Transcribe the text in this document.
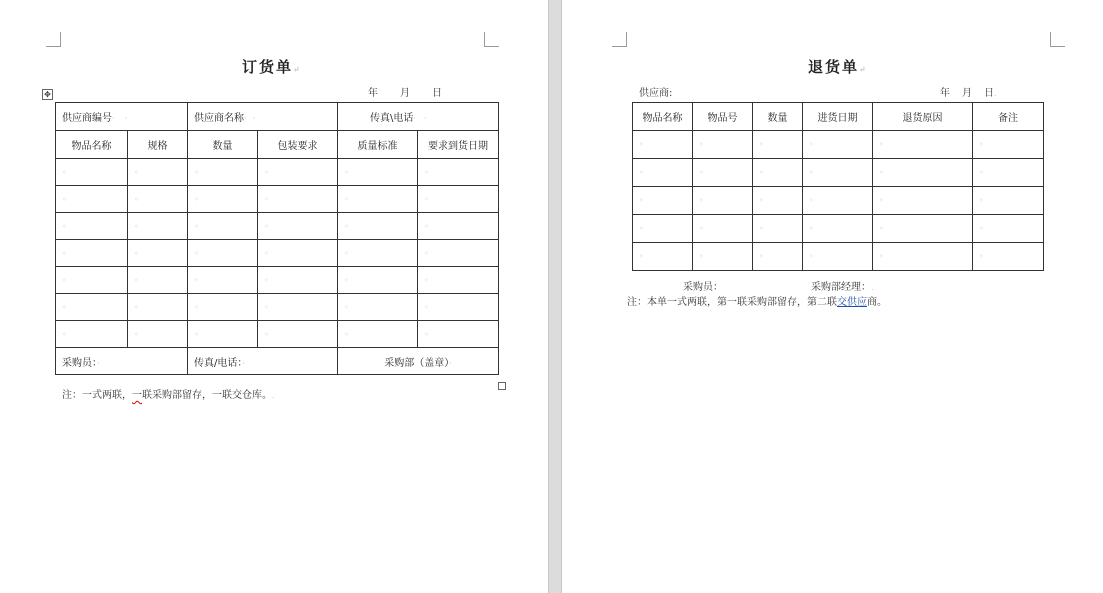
订货单↵
年 月 日
✥
供应商编号· ·		供应商名称· ·		传真\电话· ·	
物品名称	规格	数量	包装要求	质量标准	要求到货日期
◦	◦	◦	◦	◦	◦
◦	◦	◦	◦	◦	◦
◦	◦	◦	◦	◦	◦
◦	◦	◦	◦	◦	◦
◦	◦	◦	◦	◦	◦
◦	◦	◦	◦	◦	◦
◦	◦	◦	◦	◦	◦
采购员：·		传真/电话：·		采购部（盖章）·	
注：一式两联，一联采购部留存，一联交仓库。.
退货单↵
供应商:	年 月 日.
物品名称	物品号	数量	进货日期	退货原因	备注
◦	◦	◦	◦	◦	◦
◦	◦	◦	◦	◦	◦
◦	◦	◦	◦	◦	◦
◦	◦	◦	◦	◦	◦
◦	◦	◦	◦	◦	◦
采购员：	采购部经理：.
注：本单一式两联，第一联采购部留存，第二联交供应商。
